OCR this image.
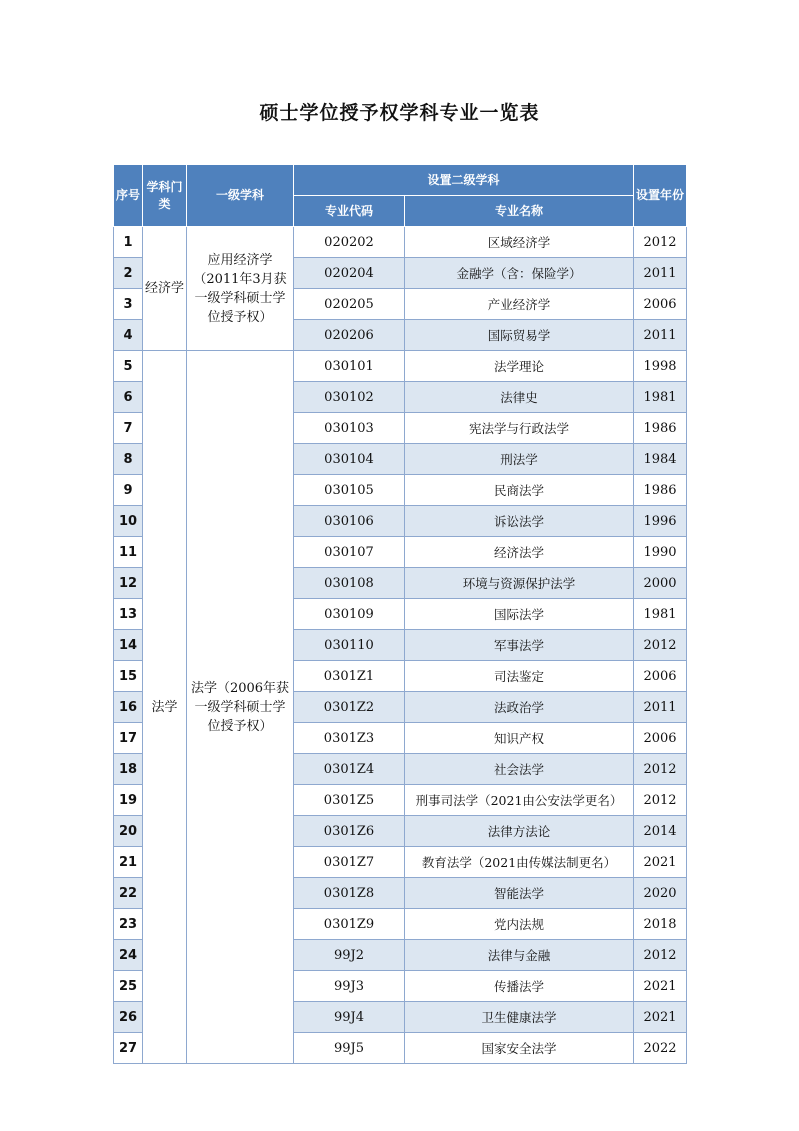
硕士学位授予权学科专业一览表
序号	学科门类	一级学科	设置二级学科		设置年份
			专业代码	专业名称	
1	经济学	应用经济学（2011年3月获一级学科硕士学位授予权）	020202	区域经济学	2012
2			020204	金融学（含：保险学）	2011
3			020205	产业经济学	2006
4			020206	国际贸易学	2011
5	法学	法学（2006年获一级学科硕士学位授予权）	030101	法学理论	1998
6			030102	法律史	1981
7			030103	宪法学与行政法学	1986
8			030104	刑法学	1984
9			030105	民商法学	1986
10			030106	诉讼法学	1996
11			030107	经济法学	1990
12			030108	环境与资源保护法学	2000
13			030109	国际法学	1981
14			030110	军事法学	2012
15			0301Z1	司法鉴定	2006
16			0301Z2	法政治学	2011
17			0301Z3	知识产权	2006
18			0301Z4	社会法学	2012
19			0301Z5	刑事司法学（2021由公安法学更名）	2012
20			0301Z6	法律方法论	2014
21			0301Z7	教育法学（2021由传媒法制更名）	2021
22			0301Z8	智能法学	2020
23			0301Z9	党内法规	2018
24			99J2	法律与金融	2012
25			99J3	传播法学	2021
26			99J4	卫生健康法学	2021
27			99J5	国家安全法学	2022
